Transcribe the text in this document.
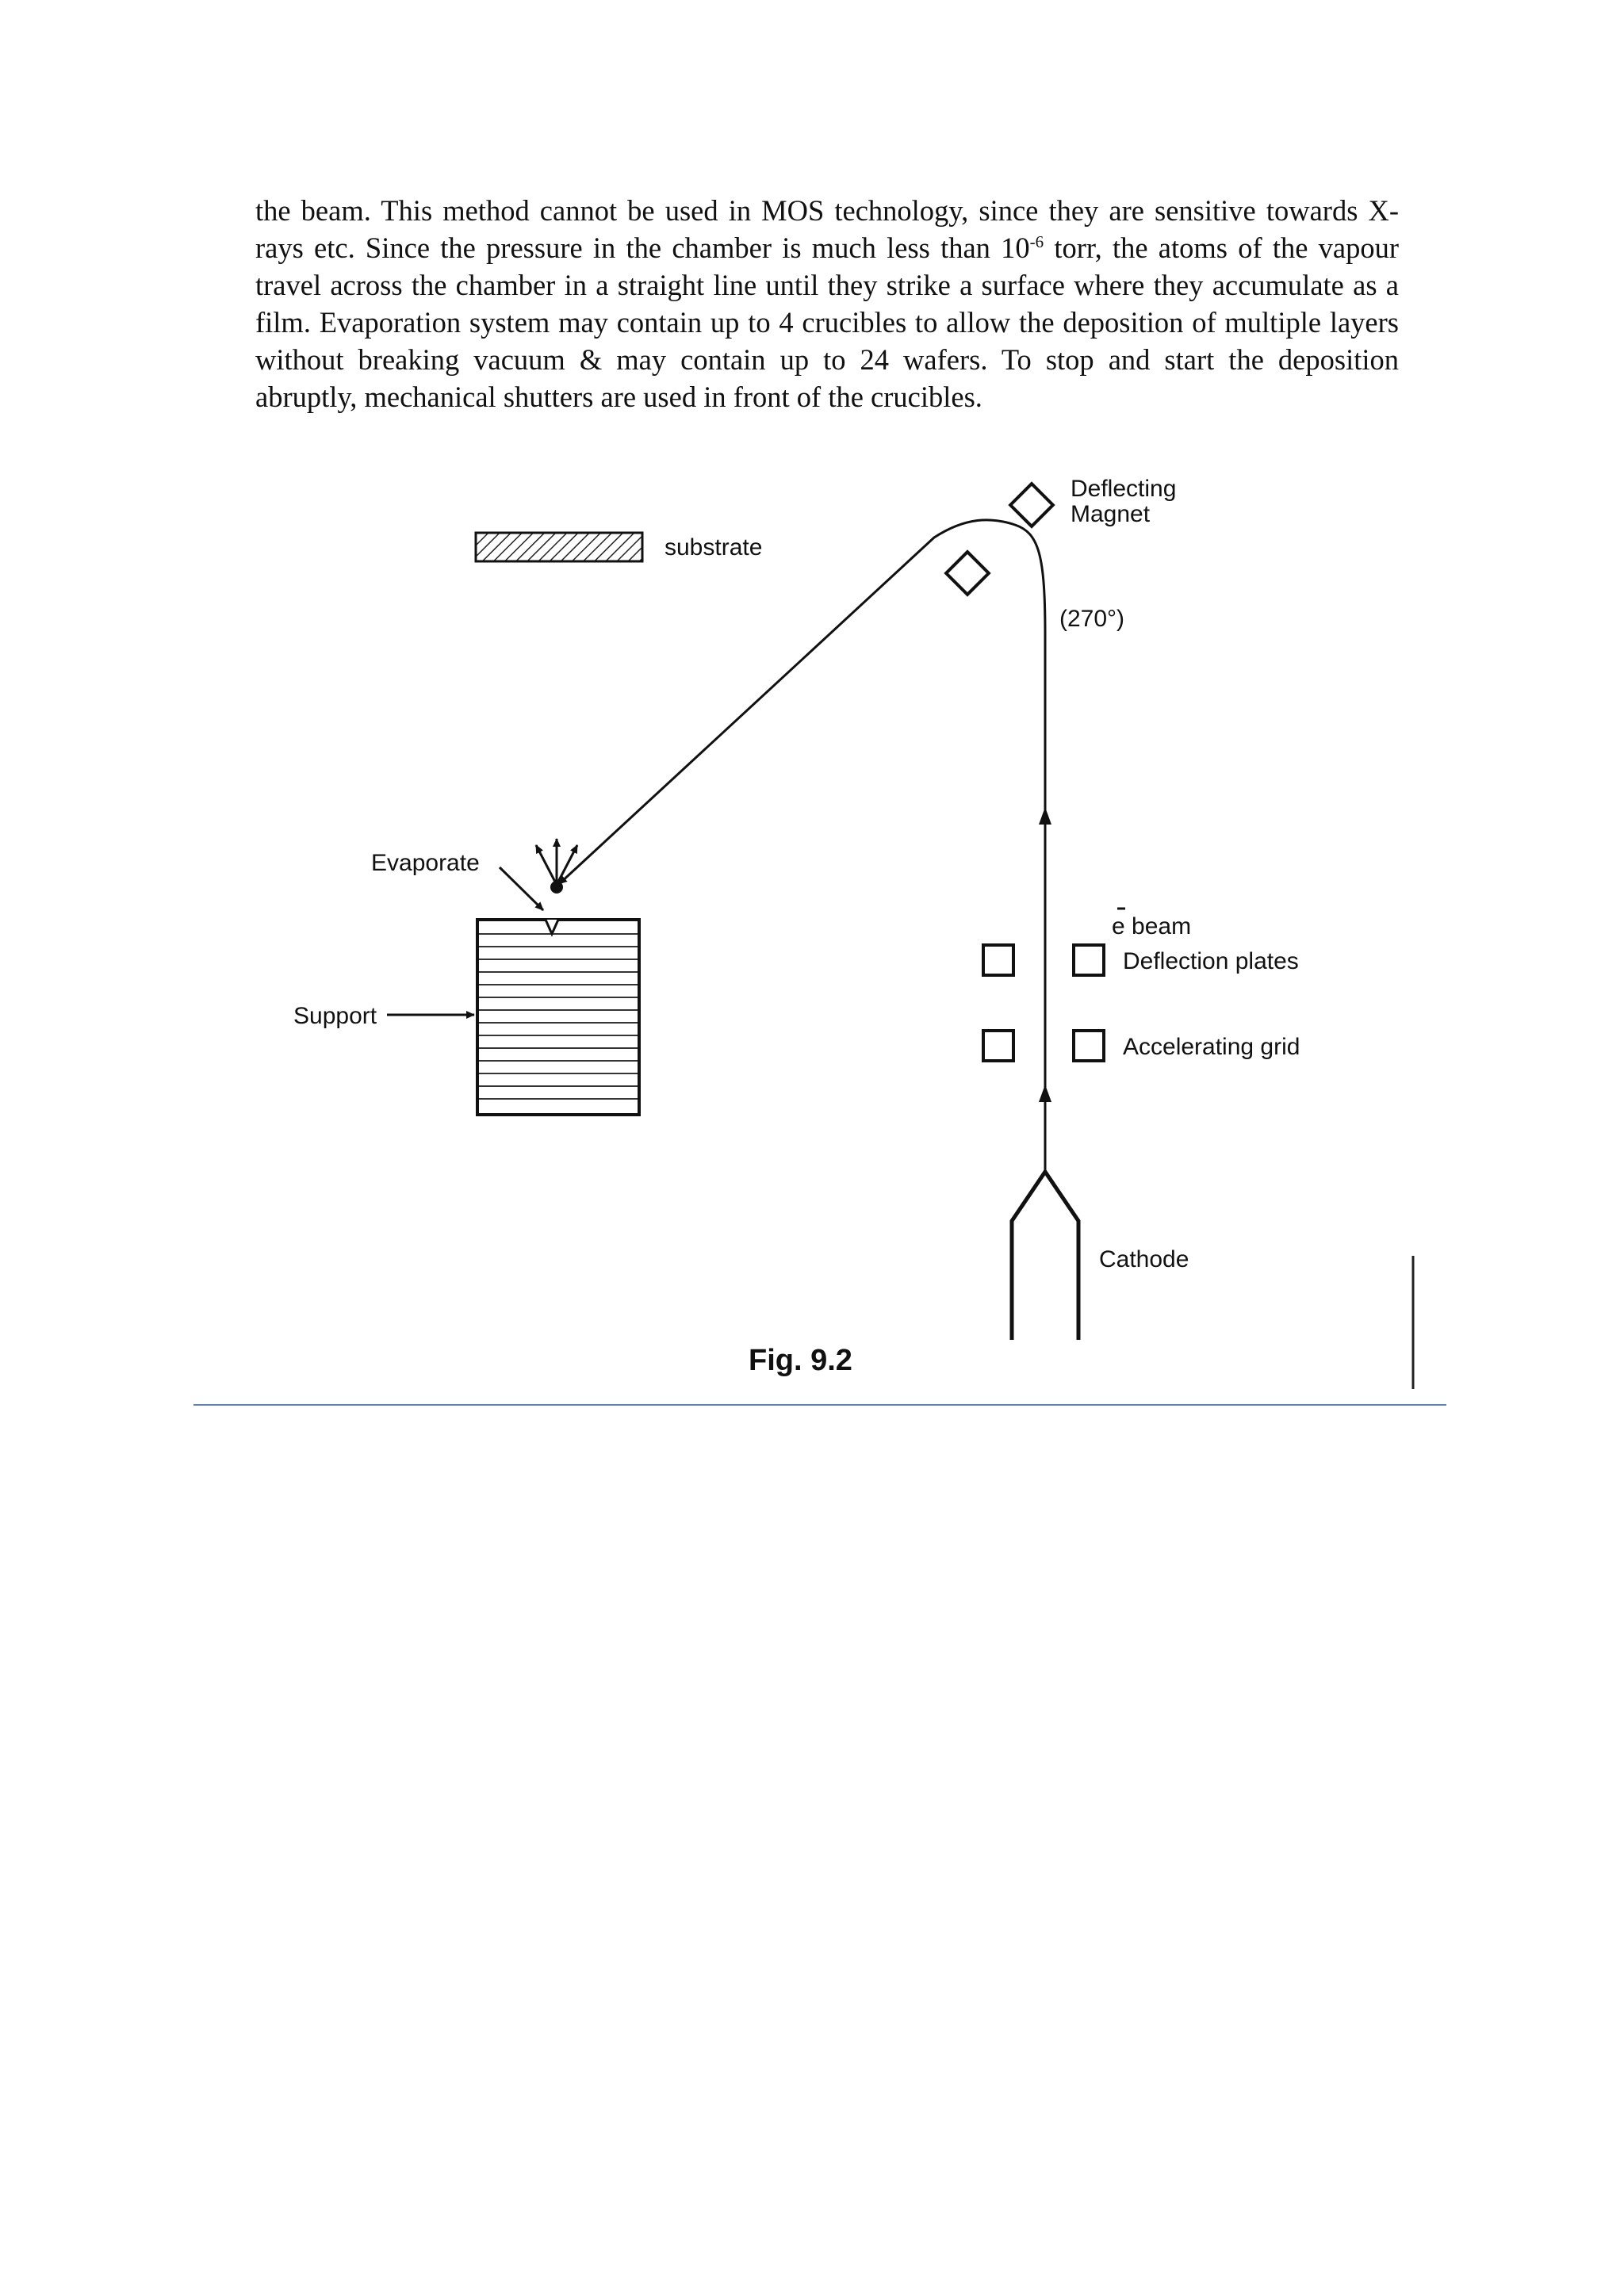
the beam. This method cannot be used in MOS technology, since they are sensitive towards X-rays etc. Since the pressure in the chamber is much less than $10^{-6}$ torr, the atoms of the vapour travel across the chamber in a straight line until they strike a surface where they accumulate as a film. Evaporation system may contain up to 4 crucibles to allow the deposition of multiple layers without breaking vacuum & may contain up to 24 wafers. To stop and start the deposition abruptly, mechanical shutters are used in front of the crucibles.

substrate
Deflecting
Magnet
(270°)
Evaporate
Support
e beam
Deflection plates
Accelerating grid
Cathode
Fig. 9.2
